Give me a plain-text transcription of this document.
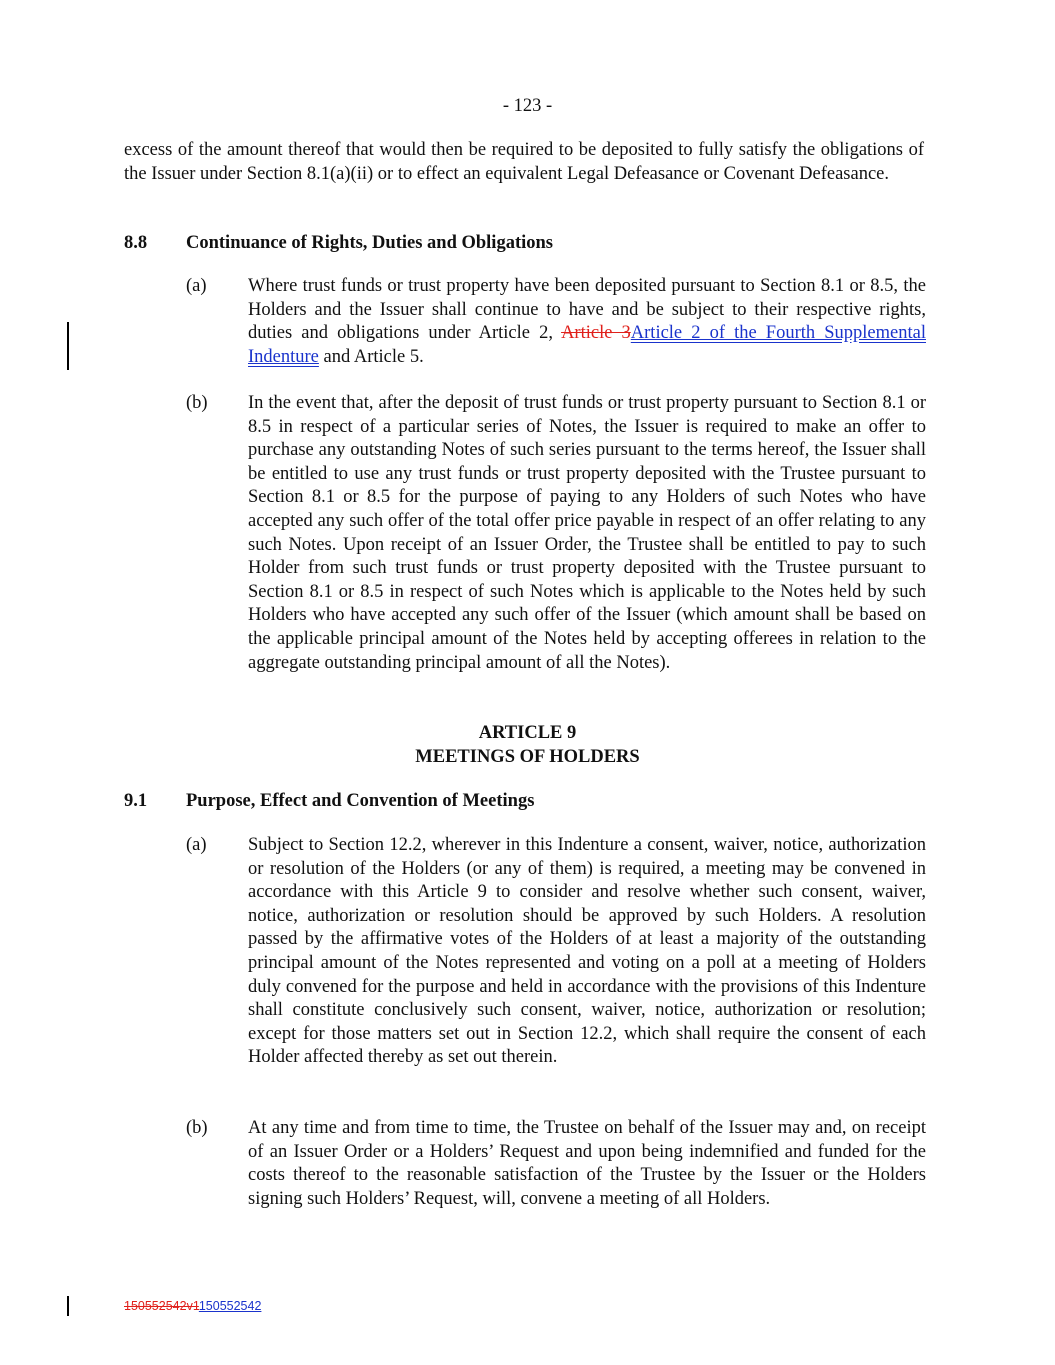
- 123 -
excess of the amount thereof that would then be required to be deposited to fully satisfy the obligations of the Issuer under Section 8.1(a)(ii) or to effect an equivalent Legal Defeasance or Covenant Defeasance.
8.8 Continuance of Rights, Duties and Obligations
(a) Where trust funds or trust property have been deposited pursuant to Section 8.1 or 8.5, the Holders and the Issuer shall continue to have and be subject to their respective rights, duties and obligations under Article 2, Article 3Article 2 of the Fourth Supplemental Indenture and Article 5.
(b) In the event that, after the deposit of trust funds or trust property pursuant to Section 8.1 or 8.5 in respect of a particular series of Notes, the Issuer is required to make an offer to purchase any outstanding Notes of such series pursuant to the terms hereof, the Issuer shall be entitled to use any trust funds or trust property deposited with the Trustee pursuant to Section 8.1 or 8.5 for the purpose of paying to any Holders of such Notes who have accepted any such offer of the total offer price payable in respect of an offer relating to any such Notes. Upon receipt of an Issuer Order, the Trustee shall be entitled to pay to such Holder from such trust funds or trust property deposited with the Trustee pursuant to Section 8.1 or 8.5 in respect of such Notes which is applicable to the Notes held by such Holders who have accepted any such offer of the Issuer (which amount shall be based on the applicable principal amount of the Notes held by accepting offerees in relation to the aggregate outstanding principal amount of all the Notes).
ARTICLE 9
MEETINGS OF HOLDERS
9.1 Purpose, Effect and Convention of Meetings
(a) Subject to Section 12.2, wherever in this Indenture a consent, waiver, notice, authorization or resolution of the Holders (or any of them) is required, a meeting may be convened in accordance with this Article 9 to consider and resolve whether such consent, waiver, notice, authorization or resolution should be approved by such Holders. A resolution passed by the affirmative votes of the Holders of at least a majority of the outstanding principal amount of the Notes represented and voting on a poll at a meeting of Holders duly convened for the purpose and held in accordance with the provisions of this Indenture shall constitute conclusively such consent, waiver, notice, authorization or resolution; except for those matters set out in Section 12.2, which shall require the consent of each Holder affected thereby as set out therein.
(b) At any time and from time to time, the Trustee on behalf of the Issuer may and, on receipt of an Issuer Order or a Holders’ Request and upon being indemnified and funded for the costs thereof to the reasonable satisfaction of the Trustee by the Issuer or the Holders signing such Holders’ Request, will, convene a meeting of all Holders.
150552542v1150552542
